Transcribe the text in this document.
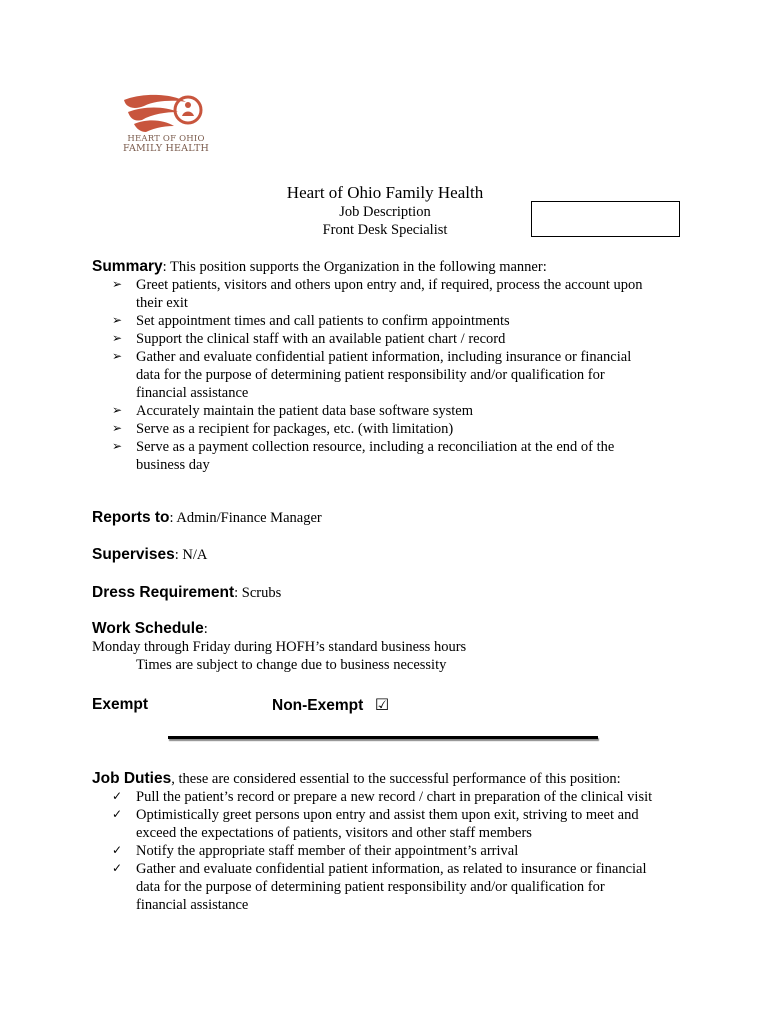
HEART OF OHIO
FAMILY HEALTH
Heart of Ohio Family Health
Job Description
Front Desk Specialist
Summary: This position supports the Organization in the following manner:
➢ Greet patients, visitors and others upon entry and, if required, process the account upon
their exit
➢ Set appointment times and call patients to confirm appointments
➢ Support the clinical staff with an available patient chart / record
➢ Gather and evaluate confidential patient information, including insurance or financial
data for the purpose of determining patient responsibility and/or qualification for
financial assistance
➢ Accurately maintain the patient data base software system
➢ Serve as a recipient for packages, etc. (with limitation)
➢ Serve as a payment collection resource, including a reconciliation at the end of the
business day
Reports to: Admin/Finance Manager
Supervises: N/A
Dress Requirement: Scrubs
Work Schedule:
Monday through Friday during HOFH’s standard business hours
Times are subject to change due to business necessity
Exempt	Non-Exempt ☑
Job Duties, these are considered essential to the successful performance of this position:
✓ Pull the patient’s record or prepare a new record / chart in preparation of the clinical visit
✓ Optimistically greet persons upon entry and assist them upon exit, striving to meet and
exceed the expectations of patients, visitors and other staff members
✓ Notify the appropriate staff member of their appointment’s arrival
✓ Gather and evaluate confidential patient information, as related to insurance or financial
data for the purpose of determining patient responsibility and/or qualification for
financial assistance
